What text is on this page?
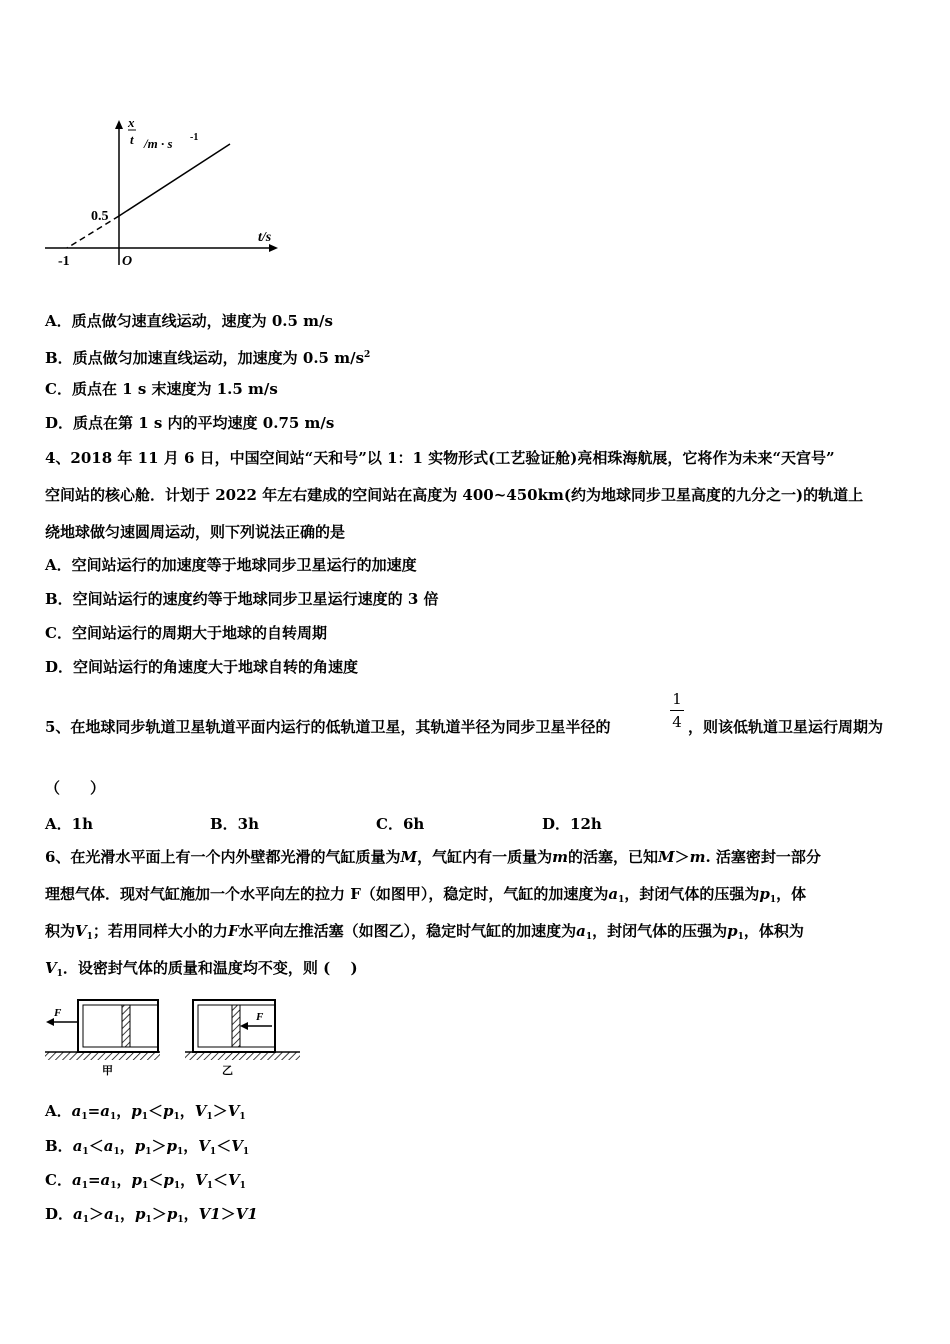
x
t /m · s -1
0.5
t/s
-1	O
A．质点做匀速直线运动，速度为 0.5 m/s
B．质点做匀加速直线运动，加速度为 0.5 $m/s^2$
C．质点在 1 s 末速度为 1.5 m/s
D．质点在第 1 s 内的平均速度 0.75 m/s
4、2018 年 11 月 6 日，中国空间站“天和号”以 1：1 实物形式(工艺验证舱)亮相珠海航展，它将作为未来“天宫号”
空间站的核心舱．计划于 2022 年左右建成的空间站在高度为 400~450km(约为地球同步卫星高度的九分之一)的轨道上
绕地球做匀速圆周运动，则下列说法正确的是
A．空间站运行的加速度等于地球同步卫星运行的加速度
B．空间站运行的速度约等于地球同步卫星运行速度的 3 倍
C．空间站运行的周期大于地球的自转周期
D．空间站运行的角速度大于地球自转的角速度
5、在地球同步轨道卫星轨道平面内运行的低轨道卫星，其轨道半径为同步卫星半径的
1
4 ，则该低轨道卫星运行周期为
（　　）
A．1h	B．3h	C．6h	D．12h
6、在光滑水平面上有一个内外壁都光滑的气缸质量为M，气缸内有一质量为m的活塞，已知M＞m. 活塞密封一部分
理想气体．现对气缸施加一个水平向左的拉力 F（如图甲），稳定时，气缸的加速度为$a_1$，封闭气体的压强为$p_1$，体
积为$V_1$；若用同样大小的力F水平向左推活塞（如图乙），稳定时气缸的加速度为$a_1$，封闭气体的压强为$p_1$，体积为
$V_1$．设密封气体的质量和温度均不变，则 (　 )
F
甲
F
乙
A．$a_1=a_1$，$p_1<p_1$，$V_1>V_1$
B．$a_1<a_1$，$p_1>p_1$，$V_1<V_1$
C．$a_1=a_1$，$p_1<p_1$，$V_1<V_1$
D．$a_1>a_1$，$p_1>p_1$，V1＞V1
